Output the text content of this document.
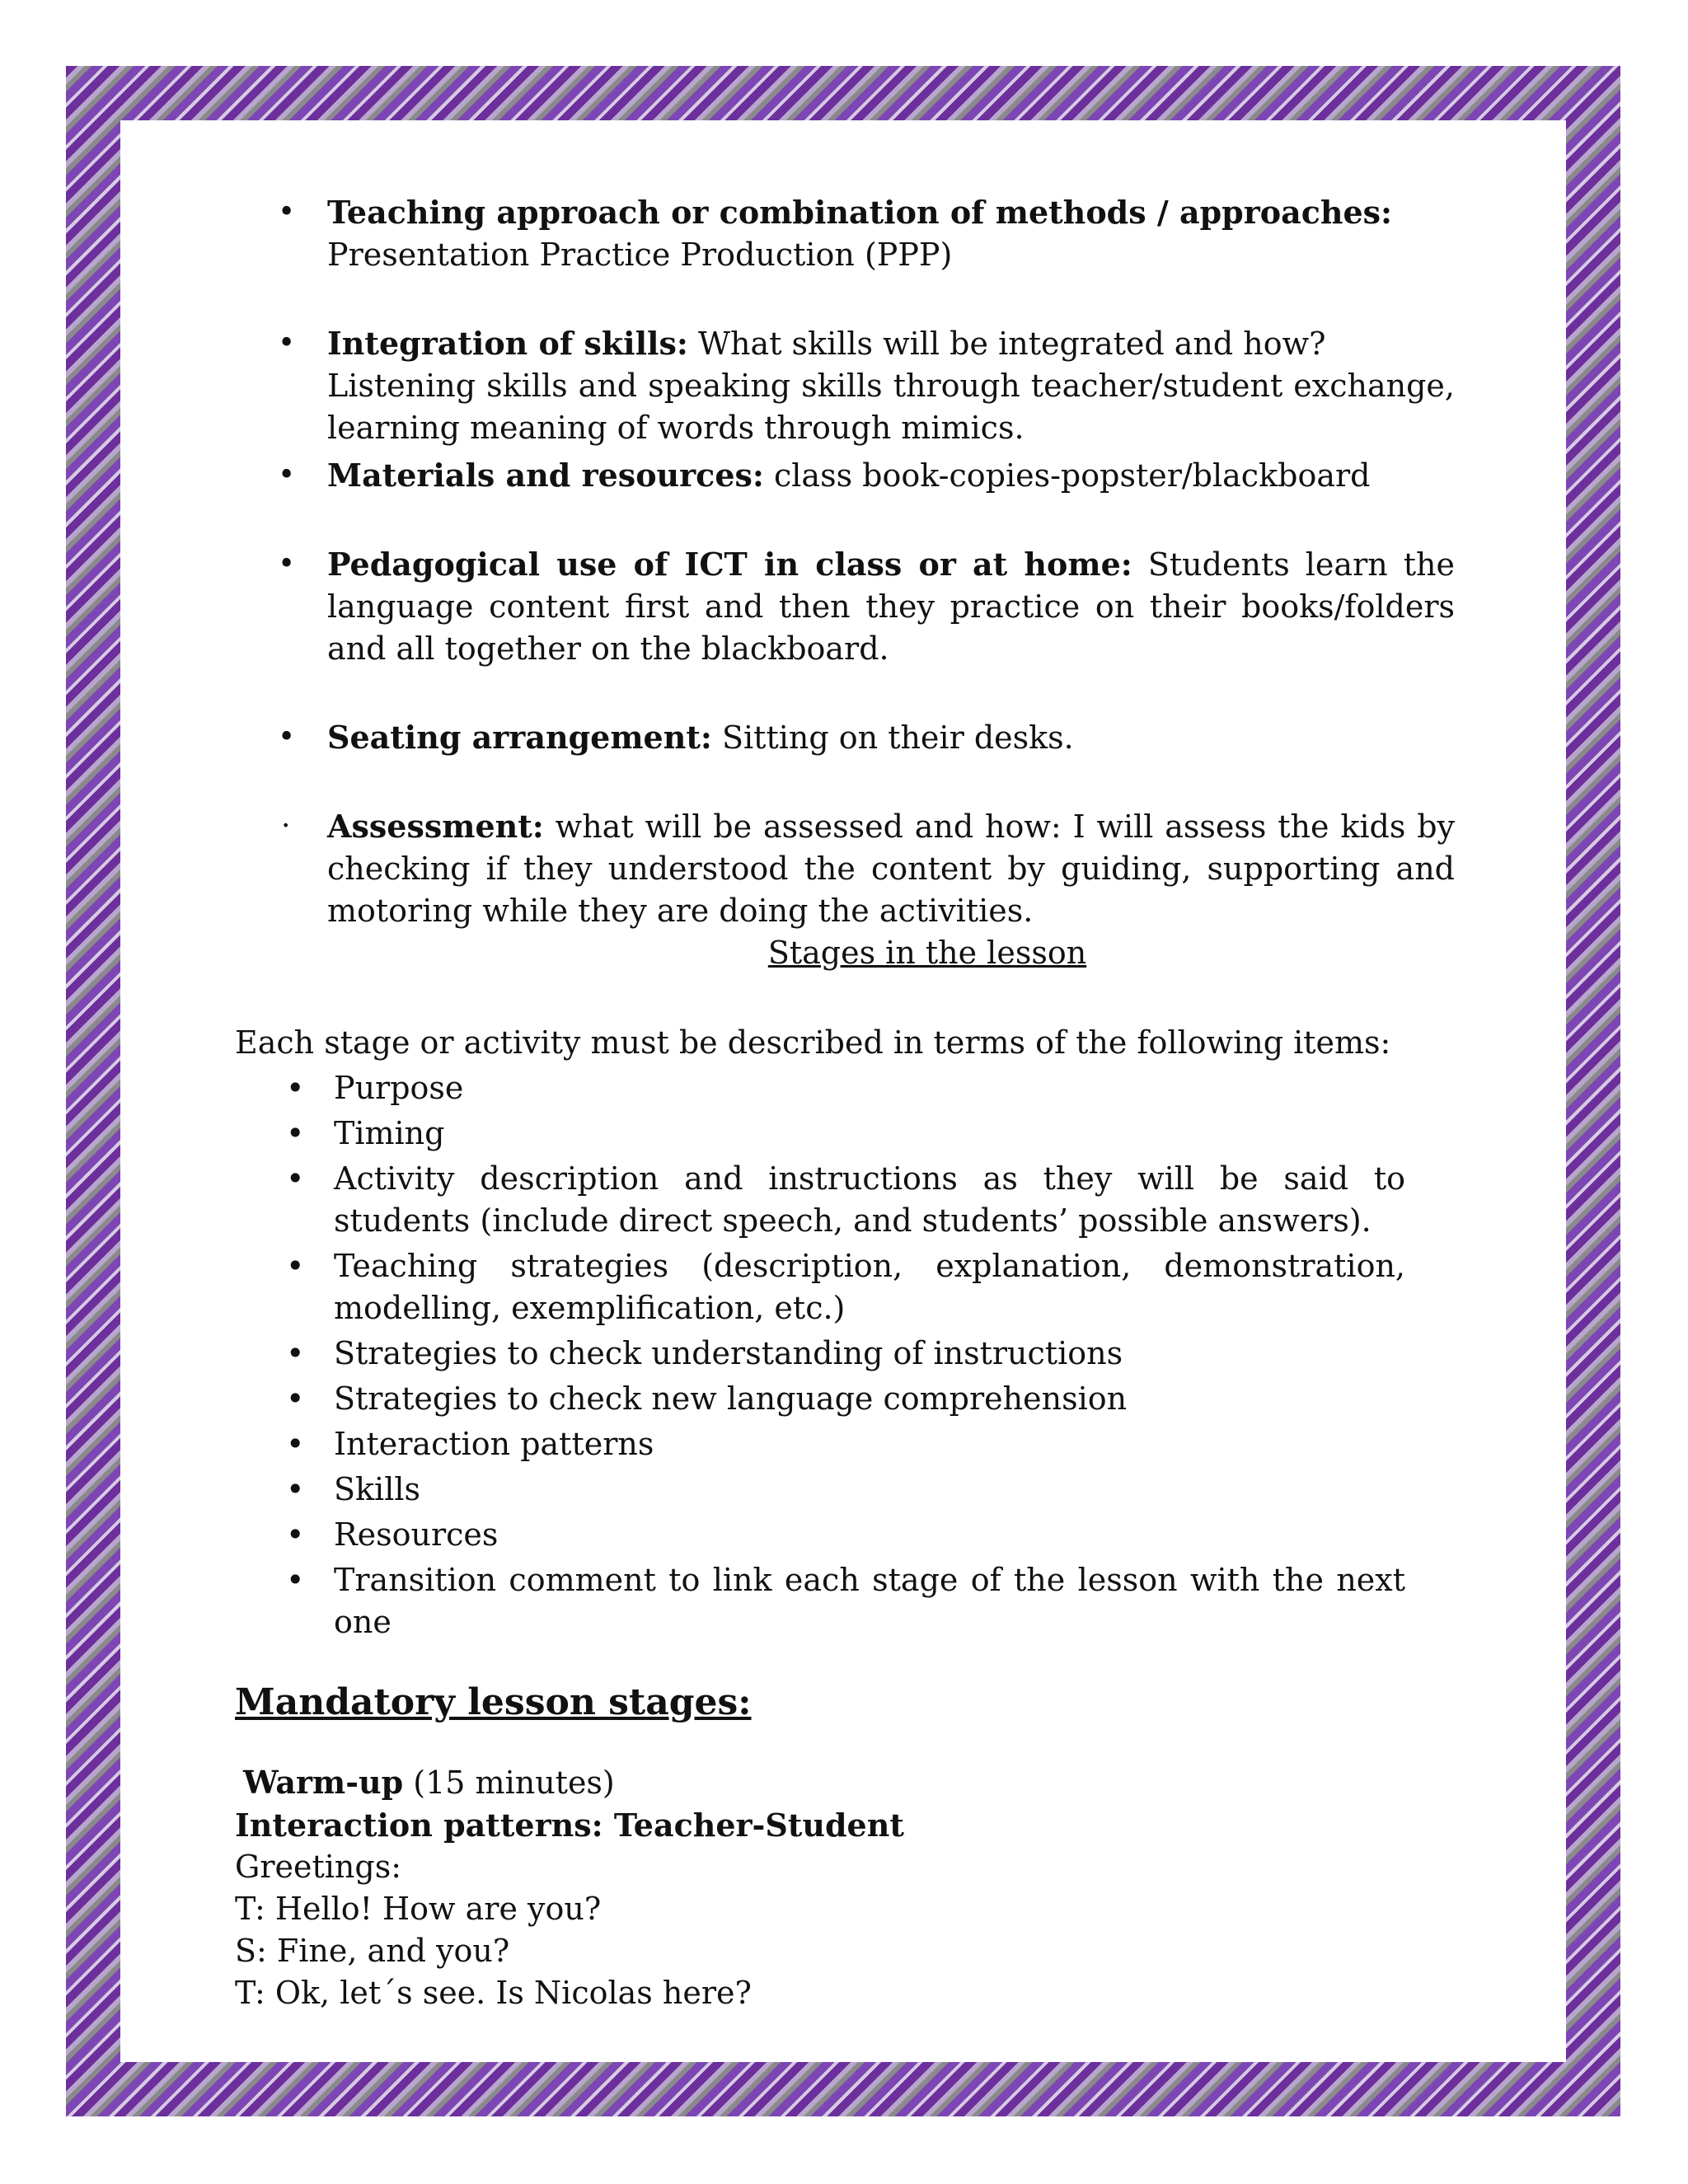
• Teaching approach or combination of methods / approaches:
Presentation Practice Production (PPP)
• Integration of skills: What skills will be integrated and how?
Listening skills and speaking skills through teacher/student exchange, learning meaning of words through mimics.
• Materials and resources: class book-copies-popster/blackboard
• Pedagogical use of ICT in class or at home: Students learn the language content first and then they practice on their books/folders and all together on the blackboard.
• Seating arrangement: Sitting on their desks.
· Assessment: what will be assessed and how: I will assess the kids by checking if they understood the content by guiding, supporting and motoring while they are doing the activities.

Stages in the lesson

Each stage or activity must be described in terms of the following items:

• Purpose
• Timing
• Activity description and instructions as they will be said to students (include direct speech, and students’ possible answers).
• Teaching strategies (description, explanation, demonstration, modelling, exemplification, etc.)
• Strategies to check understanding of instructions
• Strategies to check new language comprehension
• Interaction patterns
• Skills
• Resources
• Transition comment to link each stage of the lesson with the next one

Mandatory lesson stages:

Warm-up (15 minutes)

Interaction patterns: Teacher-Student

Greetings:

T: Hello! How are you?

S: Fine, and you?

T: Ok, let´s see. Is Nicolas here?
